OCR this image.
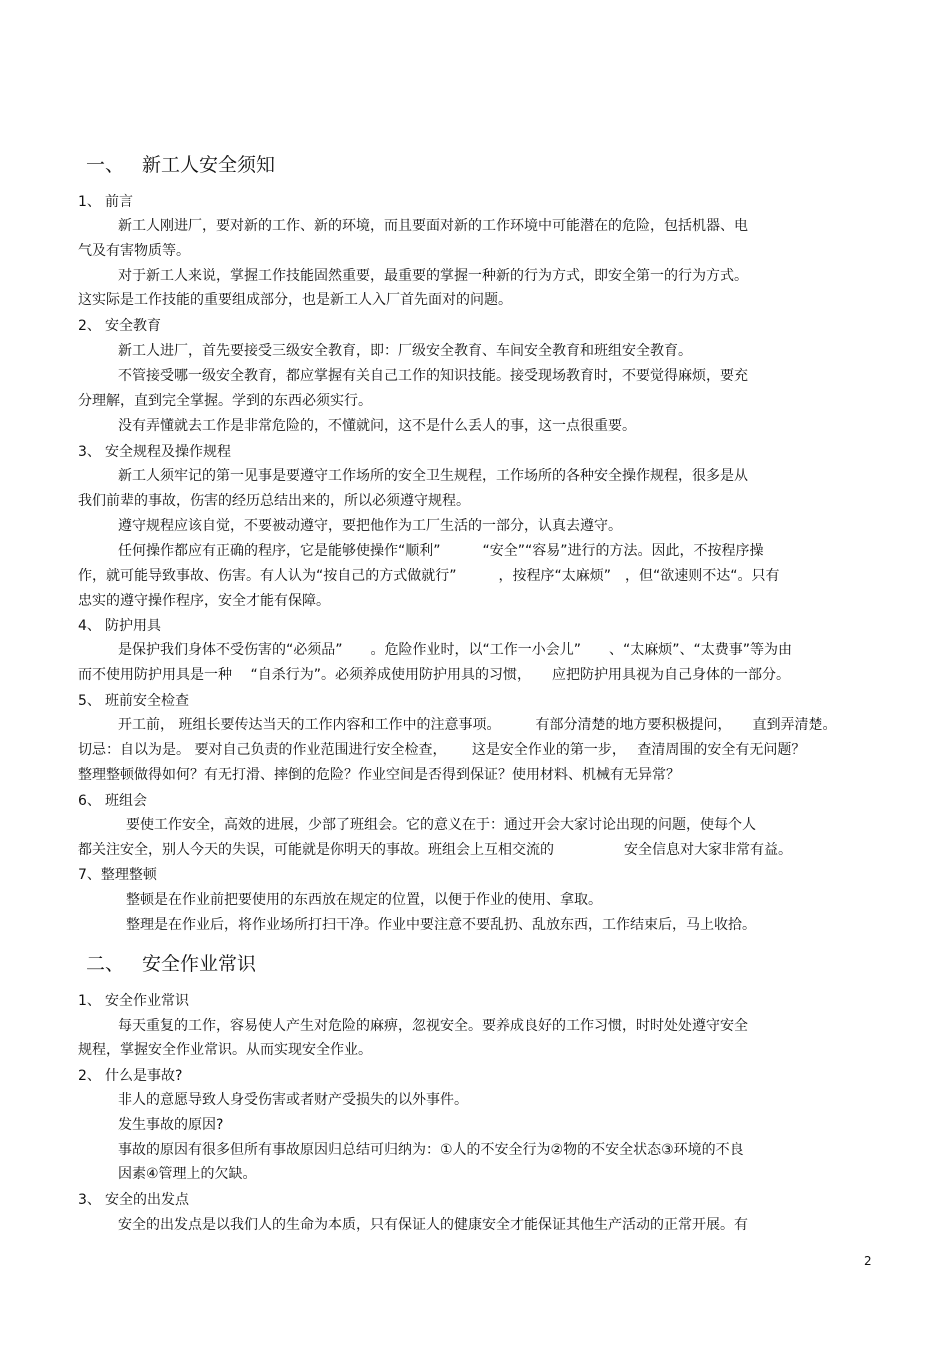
一、 新工人安全须知
1、 前言
新工人刚进厂，要对新的工作、新的环境，而且要面对新的工作环境中可能潜在的危险，包括机器、电
气及有害物质等。
对于新工人来说，掌握工作技能固然重要，最重要的掌握一种新的行为方式，即安全第一的行为方式。
这实际是工作技能的重要组成部分，也是新工人入厂首先面对的问题。
2、 安全教育
新工人进厂，首先要接受三级安全教育，即：厂级安全教育、车间安全教育和班组安全教育。
不管接受哪一级安全教育，都应掌握有关自己工作的知识技能。接受现场教育时，不要觉得麻烦，要充
分理解，直到完全掌握。学到的东西必须实行。
没有弄懂就去工作是非常危险的，不懂就问，这不是什么丢人的事，这一点很重要。
3、 安全规程及操作规程
新工人须牢记的第一见事是要遵守工作场所的安全卫生规程，工作场所的各种安全操作规程，很多是从
我们前辈的事故，伤害的经历总结出来的，所以必须遵守规程。
遵守规程应该自觉，不要被动遵守，要把他作为工厂生活的一部分，认真去遵守。
任何操作都应有正确的程序，它是能够使操作“顺利”　　　“安全”“容易”进行的方法。因此，不按程序操
作，就可能导致事故、伤害。有人认为“按自己的方式做就行”　　　，按程序“太麻烦”　，但“欲速则不达“。只有
忠实的遵守操作程序，安全才能有保障。
4、 防护用具
是保护我们身体不受伤害的“必须品”　　。危险作业时，以“工作一小会儿”　　、“太麻烦”、“太费事”等为由
而不使用防护用具是一种　 “自杀行为”。必须养成使用防护用具的习惯，　　应把防护用具视为自己身体的一部分。
5、 班前安全检查
开工前， 班组长要传达当天的工作内容和工作中的注意事项。　　　有部分清楚的地方要积极提问，　　直到弄清楚。
切忌：自以为是。 要对自己负责的作业范围进行安全检查，　　 这是安全作业的第一步，　 查清周围的安全有无问题？
整理整顿做得如何？有无打滑、摔倒的危险？作业空间是否得到保证？使用材料、机械有无异常？
6、 班组会
要使工作安全，高效的进展，少部了班组会。它的意义在于：通过开会大家讨论出现的问题，使每个人
都关注安全，别人今天的失误，可能就是你明天的事故。班组会上互相交流的　　　　　安全信息对大家非常有益。
7、整理整顿
整顿是在作业前把要使用的东西放在规定的位置，以便于作业的使用、拿取。
整理是在作业后，将作业场所打扫干净。作业中要注意不要乱扔、乱放东西，工作结束后，马上收拾。
二、 安全作业常识
1、 安全作业常识
每天重复的工作，容易使人产生对危险的麻痹，忽视安全。要养成良好的工作习惯，时时处处遵守安全
规程，掌握安全作业常识。从而实现安全作业。
2、 什么是事故?
非人的意愿导致人身受伤害或者财产受损失的以外事件。
发生事故的原因?
事故的原因有很多但所有事故原因归总结可归纳为：①人的不安全行为②物的不安全状态③环境的不良
因素④管理上的欠缺。
3、 安全的出发点
安全的出发点是以我们人的生命为本质，只有保证人的健康安全才能保证其他生产活动的正常开展。有
2
